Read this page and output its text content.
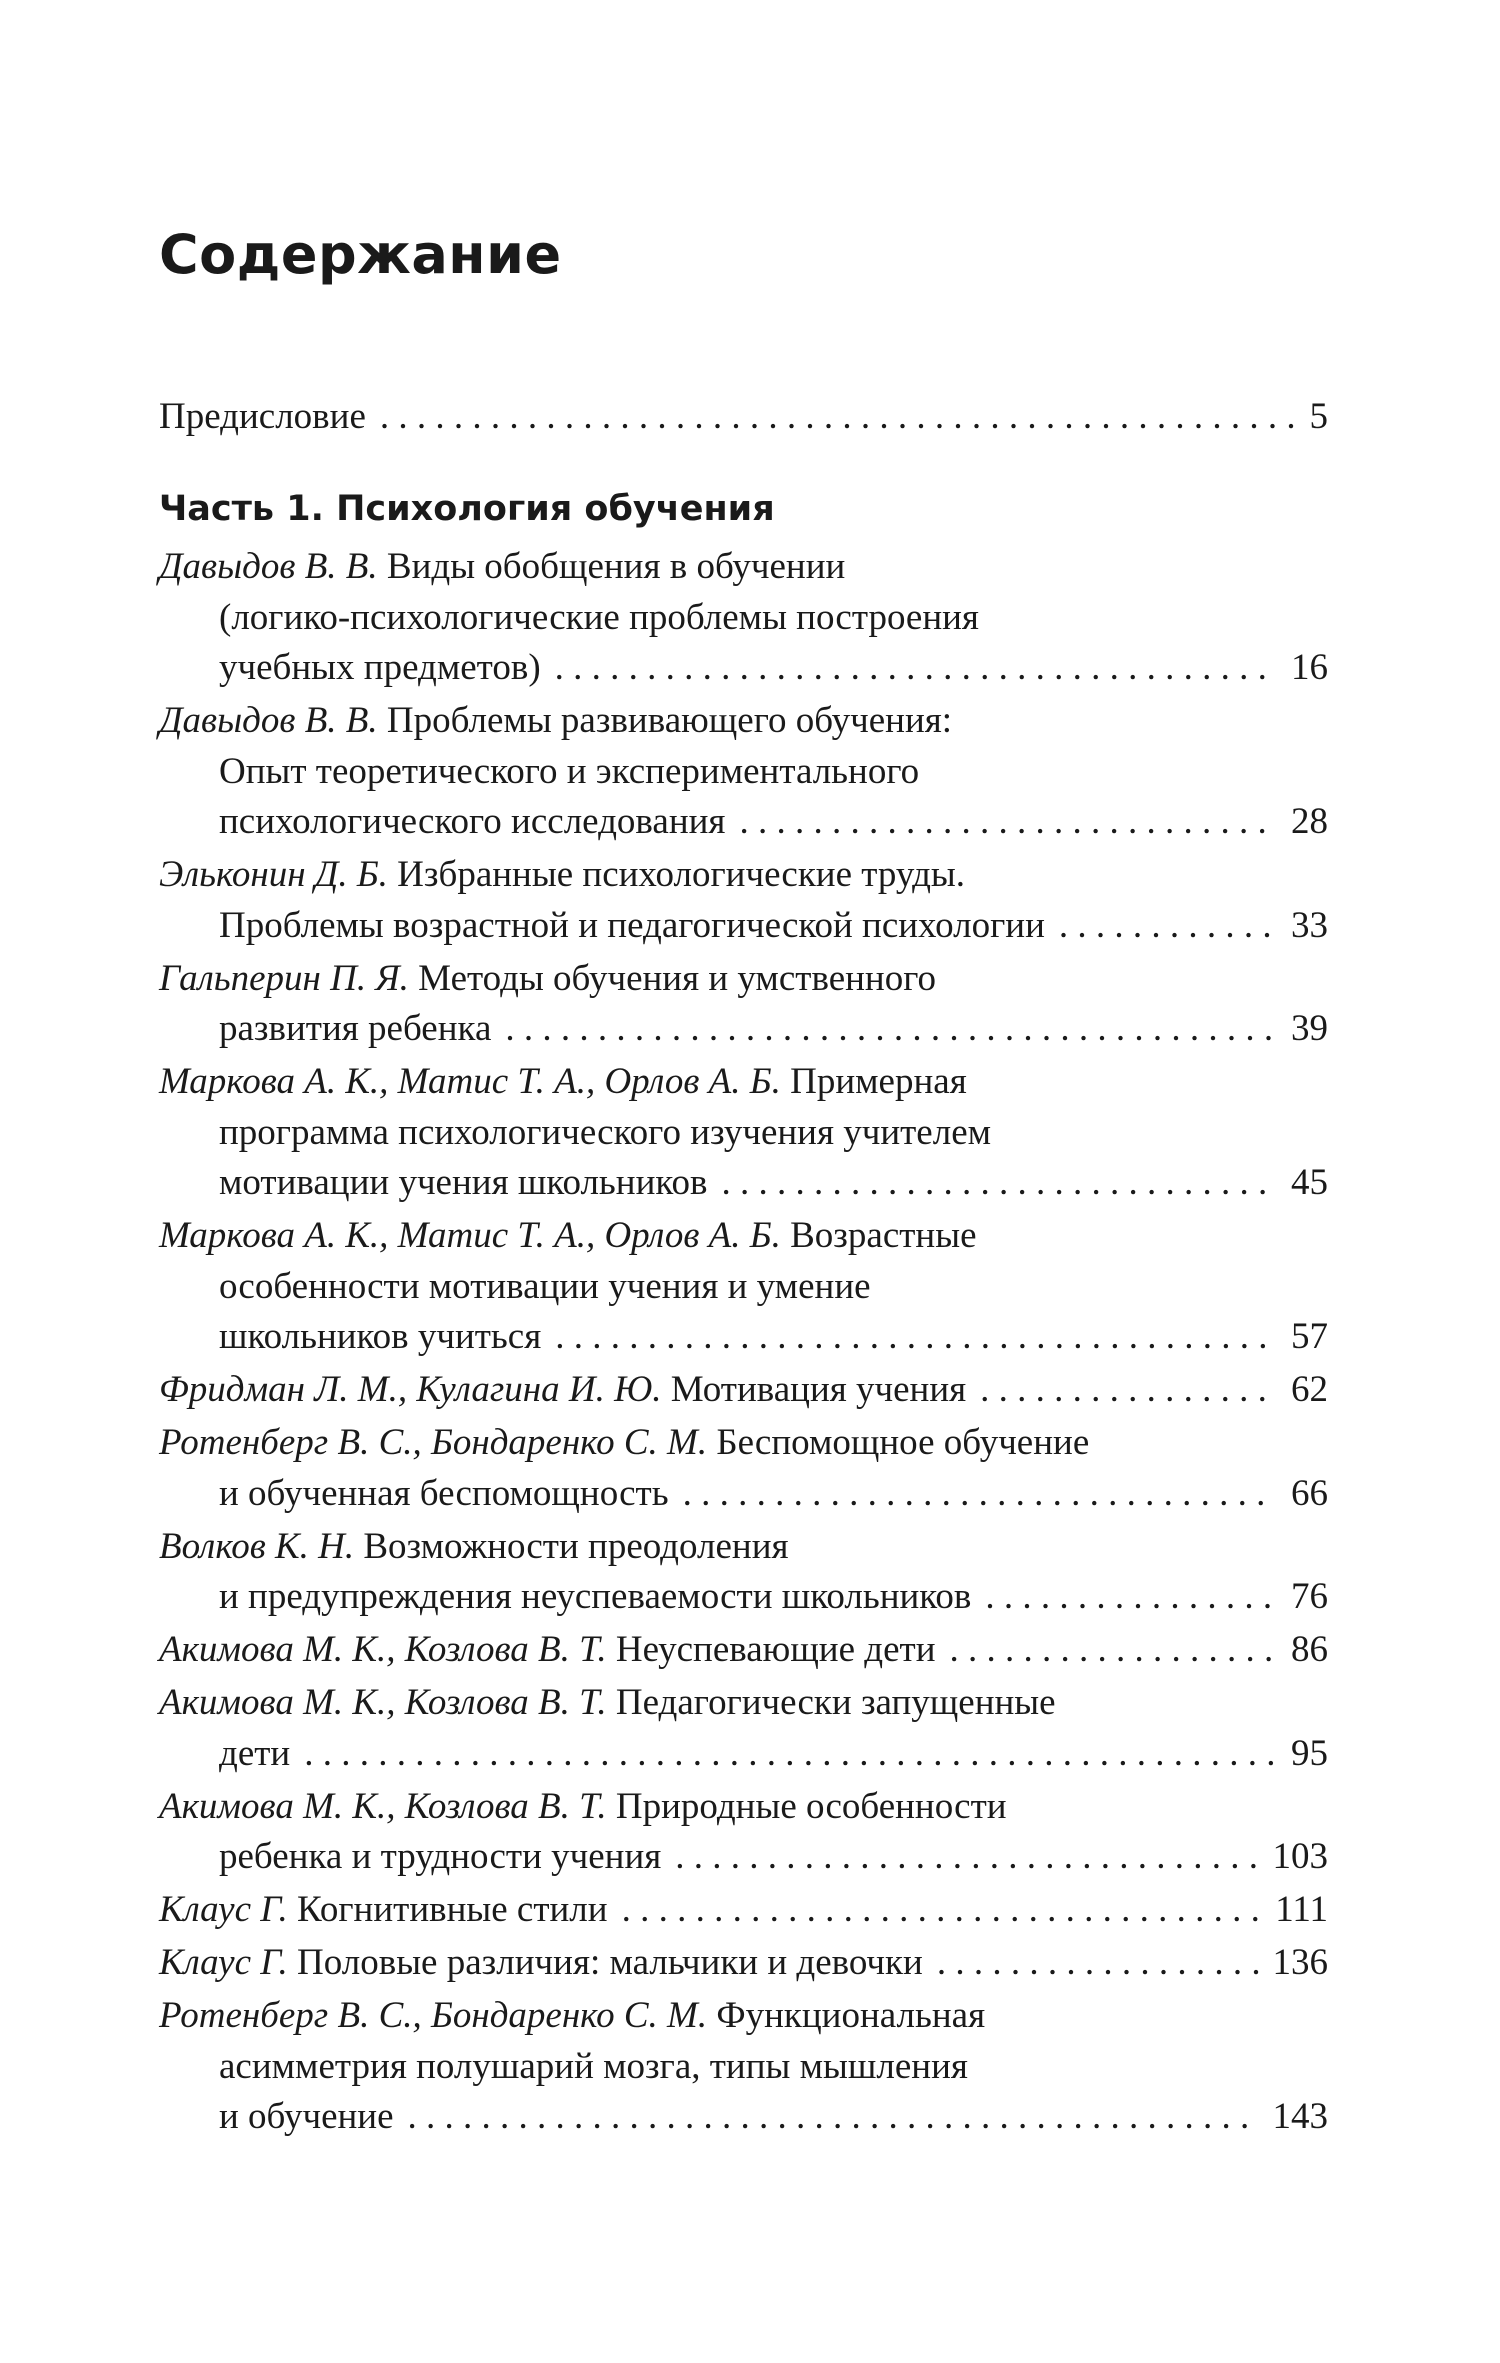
Содержание
Предисловие . . .	5
Часть 1. Психология обучения
Давыдов В. В. Виды обобщения в обучении
(логико-психологические проблемы построения
учебных предметов) . . .	16
Давыдов В. В. Проблемы развивающего обучения:
Опыт теоретического и экспериментального
психологического исследования . . .	28
Эльконин Д. Б. Избранные психологические труды.
Проблемы возрастной и педагогической психологии . . .	33
Гальперин П. Я. Методы обучения и умственного
развития ребенка . . .	39
Маркова А. К., Матис Т. А., Орлов А. Б. Примерная
программа психологического изучения учителем
мотивации учения школьников . . .	45
Маркова А. К., Матис Т. А., Орлов А. Б. Возрастные
особенности мотивации учения и умение
школьников учиться . . .	57
Фридман Л. М., Кулагина И. Ю. Мотивация учения . . .	62
Ротенберг В. С., Бондаренко С. М. Беспомощное обучение
и обученная беспомощность . . .	66
Волков К. Н. Возможности преодоления
и предупреждения неуспеваемости школьников . . .	76
Акимова М. К., Козлова В. Т. Неуспевающие дети . . .	86
Акимова М. К., Козлова В. Т. Педагогически запущенные
дети . . .	95
Акимова М. К., Козлова В. Т. Природные особенности
ребенка и трудности учения . . .	103
Клаус Г. Когнитивные стили . . .	111
Клаус Г. Половые различия: мальчики и девочки . . .	136
Ротенберг В. С., Бондаренко С. М. Функциональная
асимметрия полушарий мозга, типы мышления
и обучение . . .	143
